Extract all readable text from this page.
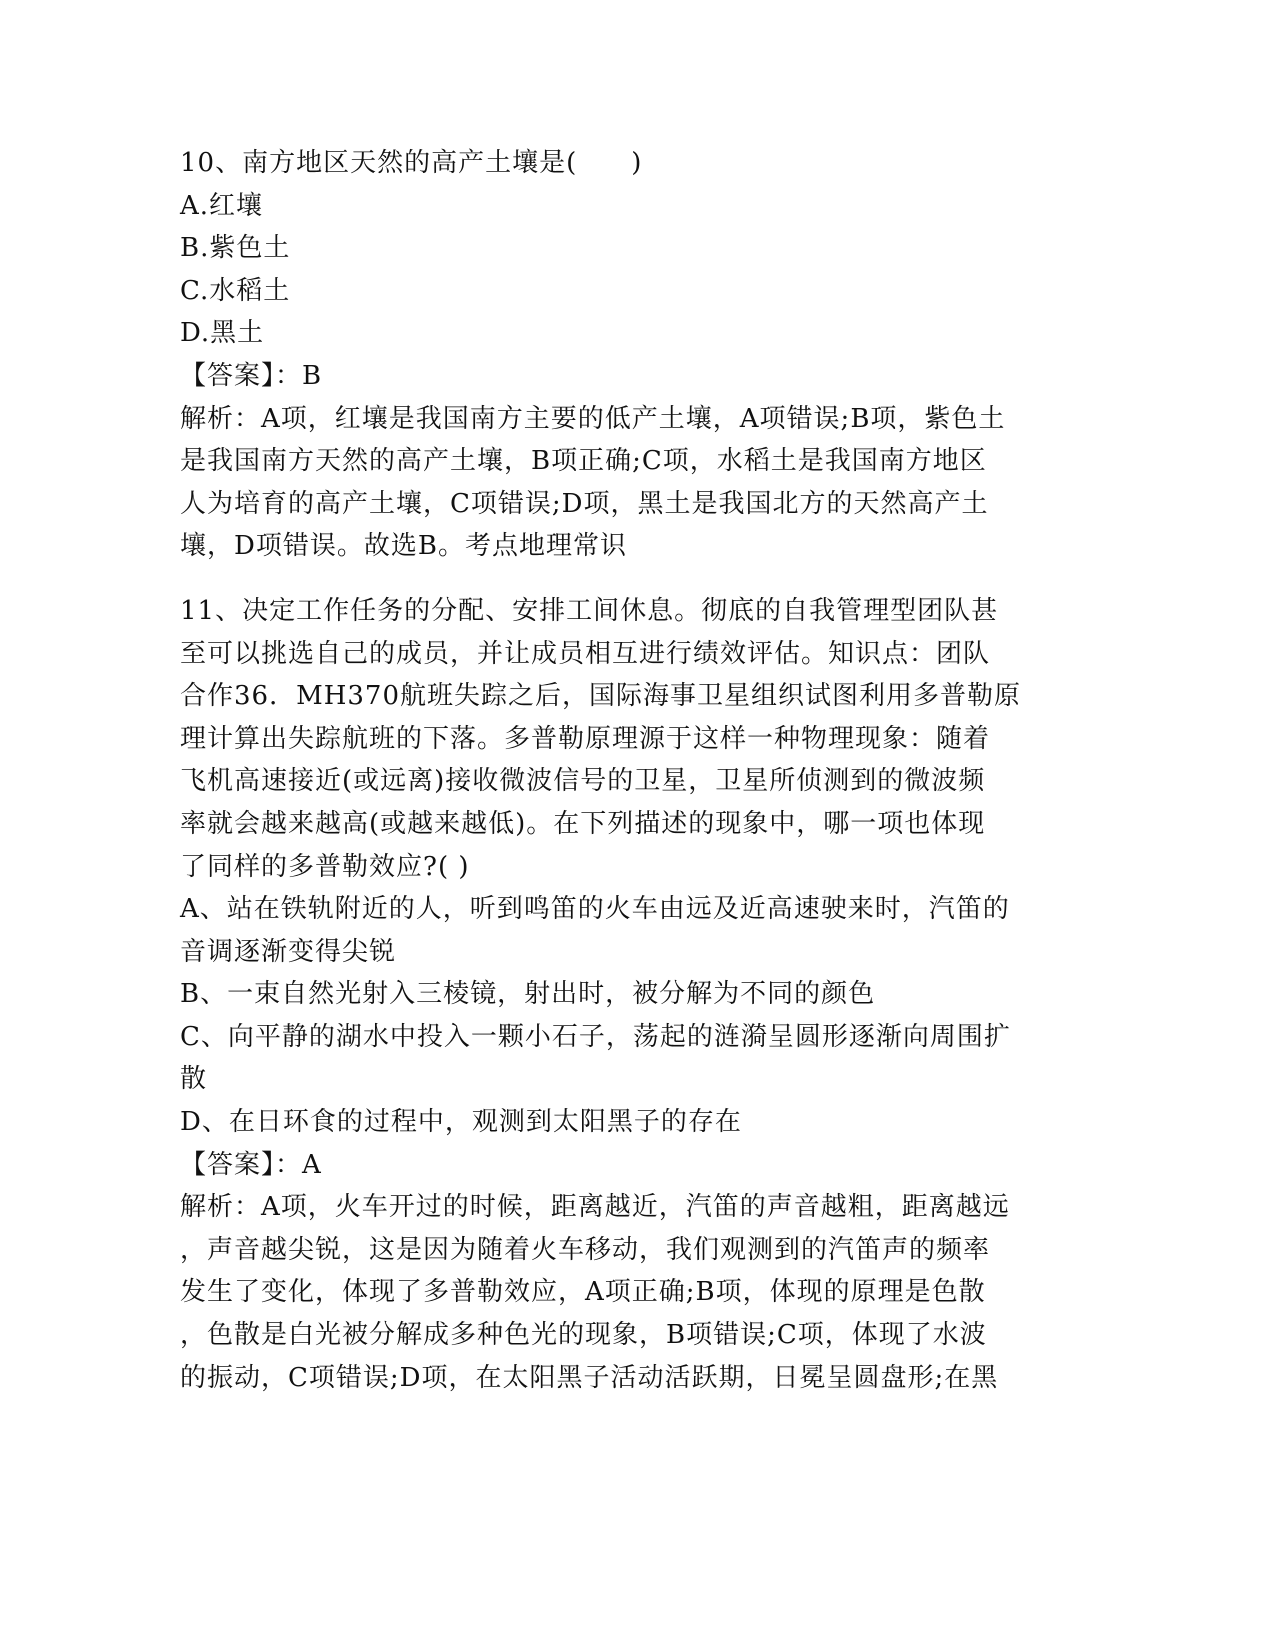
10、南方地区天然的高产土壤是(　　)
A.红壤
B.紫色土
C.水稻土
D.黑土
【答案】：B
解析：A项，红壤是我国南方主要的低产土壤，A项错误;B项，紫色土
是我国南方天然的高产土壤，B项正确;C项，水稻土是我国南方地区
人为培育的高产土壤，C项错误;D项，黑土是我国北方的天然高产土
壤，D项错误。故选B。考点地理常识
11、决定工作任务的分配、安排工间休息。彻底的自我管理型团队甚
至可以挑选自己的成员，并让成员相互进行绩效评估。知识点：团队
合作36．MH370航班失踪之后，国际海事卫星组织试图利用多普勒原
理计算出失踪航班的下落。多普勒原理源于这样一种物理现象：随着
飞机高速接近(或远离)接收微波信号的卫星，卫星所侦测到的微波频
率就会越来越高(或越来越低)。在下列描述的现象中，哪一项也体现
了同样的多普勒效应?( )
A、站在铁轨附近的人，听到鸣笛的火车由远及近高速驶来时，汽笛的
音调逐渐变得尖锐
B、一束自然光射入三棱镜，射出时，被分解为不同的颜色
C、向平静的湖水中投入一颗小石子，荡起的涟漪呈圆形逐渐向周围扩
散
D、在日环食的过程中，观测到太阳黑子的存在
【答案】：A
解析：A项，火车开过的时候，距离越近，汽笛的声音越粗，距离越远
，声音越尖锐，这是因为随着火车移动，我们观测到的汽笛声的频率
发生了变化，体现了多普勒效应，A项正确;B项，体现的原理是色散
，色散是白光被分解成多种色光的现象，B项错误;C项，体现了水波
的振动，C项错误;D项，在太阳黑子活动活跃期，日冕呈圆盘形;在黑
